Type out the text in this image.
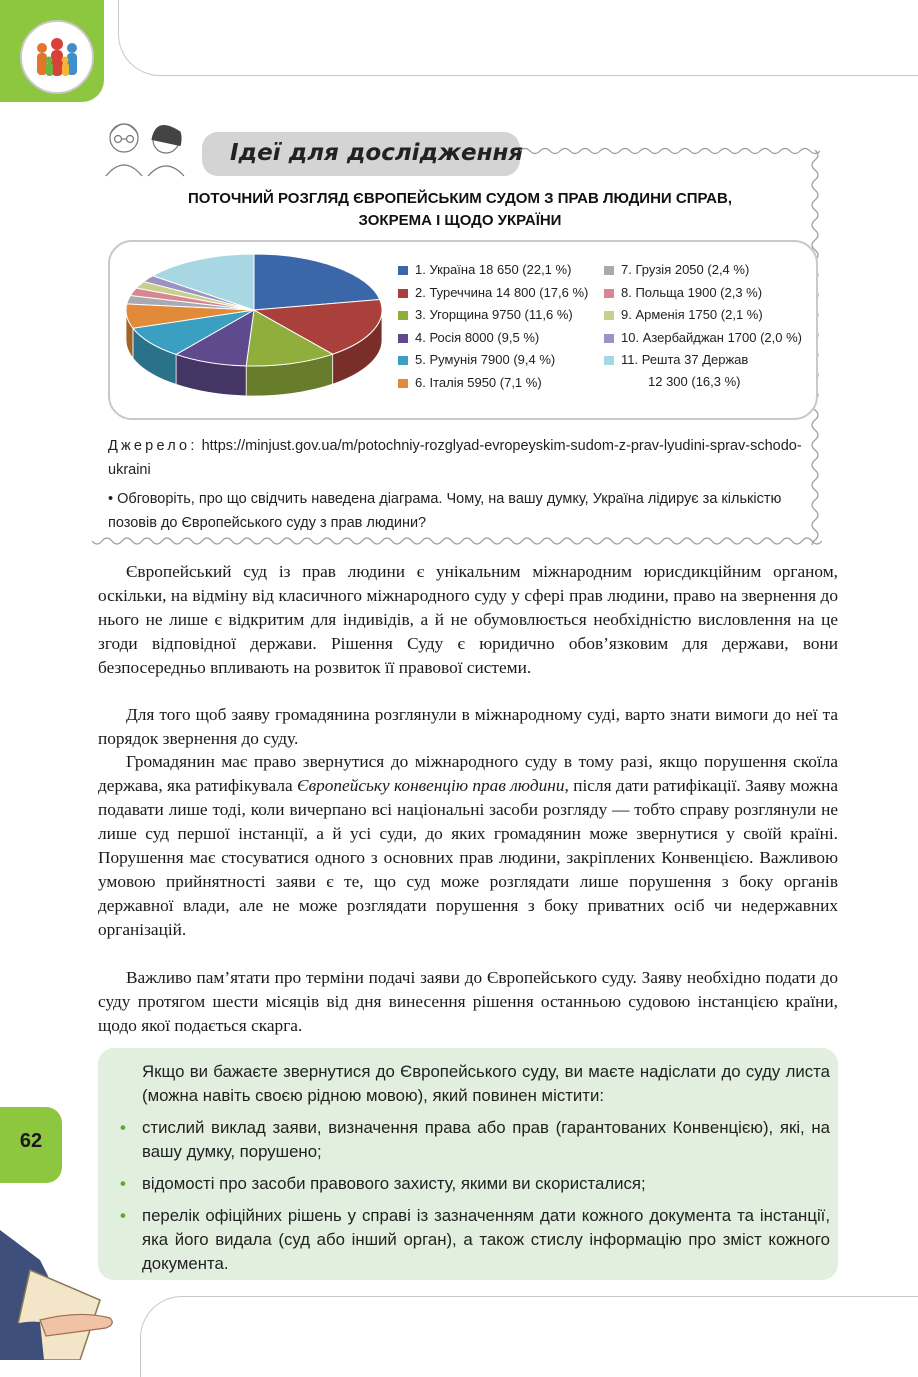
Ідеї для дослідження
ПОТОЧНИЙ РОЗГЛЯД ЄВРОПЕЙСЬКИМ СУДОМ З ПРАВ ЛЮДИНИ СПРАВ,
ЗОКРЕМА І ЩОДО УКРАЇНИ
1. Україна 18 650 (22,1 %)
2. Туреччина 14 800 (17,6 %)
3. Угорщина 9750 (11,6 %)
4. Росія 8000 (9,5 %)
5. Румунія 7900 (9,4 %)
6. Італія 5950 (7,1 %)
7. Грузія 2050 (2,4 %)
8. Польща 1900 (2,3 %)
9. Арменія 1750 (2,1 %)
10. Азербайджан 1700 (2,0 %)
11. Решта 37 Держав
12 300 (16,3 %)
Джерело: https://minjust.gov.ua/m/potochniy-rozglyad-evropeyskim-sudom-z-prav-lyudini-sprav-schodo-ukraini
• Обговоріть, про що свідчить наведена діаграма. Чому, на вашу думку, Україна лідирує за кількістю позовів до Європейського суду з прав людини?

Європейський суд із прав людини є унікальним міжнародним юрисдикційним органом, оскільки, на відміну від класичного міжнародного суду у сфері прав людини, право на звернення до нього не лише є відкритим для індивідів, а й не обумовлюється необхідністю висловлення на це згоди відповідної держави. Рішення Суду є юридично обов’язковим для держави, вони безпосередньо впливають на розвиток її правової системи.

Для того щоб заяву громадянина розглянули в міжнародному суді, варто знати вимоги до неї та порядок звернення до суду.

Громадянин має право звернутися до міжнародного суду в тому разі, якщо порушення скоїла держава, яка ратифікувала Європейську конвенцію прав людини, після дати ратифікації. Заяву можна подавати лише тоді, коли вичерпано всі національні засоби розгляду — тобто справу розглянули не лише суд першої інстанції, а й усі суди, до яких громадянин може звернутися у своїй країні. Порушення має стосуватися одного з основних прав людини, закріплених Конвенцією. Важливою умовою прийнятності заяви є те, що суд може розглядати лише порушення з боку органів державної влади, але не може розглядати порушення з боку приватних осіб чи недержавних організацій.

Важливо пам’ятати про терміни подачі заяви до Європейського суду. Заяву необхідно подати до суду протягом шести місяців від дня винесення рішення останньою судовою інстанцією країни, щодо якої подається скарга.

Якщо ви бажаєте звернутися до Європейського суду, ви маєте надіслати до суду листа (можна навіть своєю рідною мовою), який повинен містити:
• стислий виклад заяви, визначення права або прав (гарантованих Конвенцією), які, на вашу думку, порушено;
• відомості про засоби правового захисту, якими ви скористалися;
• перелік офіційних рішень у справі із зазначенням дати кожного документа та інстанції, яка його видала (суд або інший орган), а також стислу інформацію про зміст кожного документа.
62
